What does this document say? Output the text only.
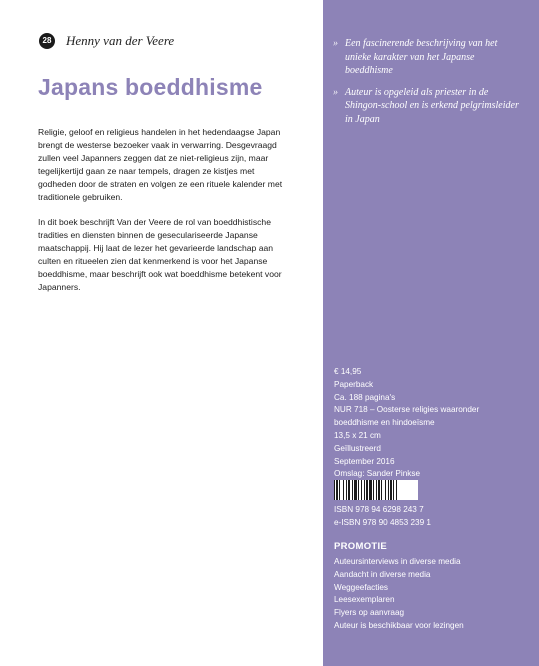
28 Henny van der Veere
Japans boeddhisme

Religie, geloof en religieus handelen in het hedendaagse Japan brengt de westerse bezoeker vaak in verwarring. Desgevraagd zullen veel Japanners zeggen dat ze niet-religieus zijn, maar tegelijkertijd gaan ze naar tempels, dragen ze kistjes met godheden door de straten en volgen ze een rituele kalender met traditionele gebruiken.

In dit boek beschrijft Van der Veere de rol van boeddhistische tradities en diensten binnen de geseculariseerde Japanse maatschappij. Hij laat de lezer het gevarieerde landschap aan culten en ritueelen zien dat kenmerkend is voor het Japanse boeddhisme, maar beschrijft ook wat boeddhisme betekent voor Japanners.

» Een fascinerende beschrijving van het unieke karakter van het Japanse boeddhisme
» Auteur is opgeleid als priester in de Shingon-school en is erkend pelgrimsleider in Japan
€ 14,95
Paperback
Ca. 188 pagina's
NUR 718 – Oosterse religies waaronder
boeddhisme en hindoeïsme
13,5 x 21 cm
Geïllustreerd
September 2016
Omslag: Sander Pinkse
ISBN 978 94 6298 243 7
e-ISBN 978 90 4853 239 1
PROMOTIE
Auteursinterviews in diverse media
Aandacht in diverse media
Weggeefacties
Leesexemplaren
Flyers op aanvraag
Auteur is beschikbaar voor lezingen
